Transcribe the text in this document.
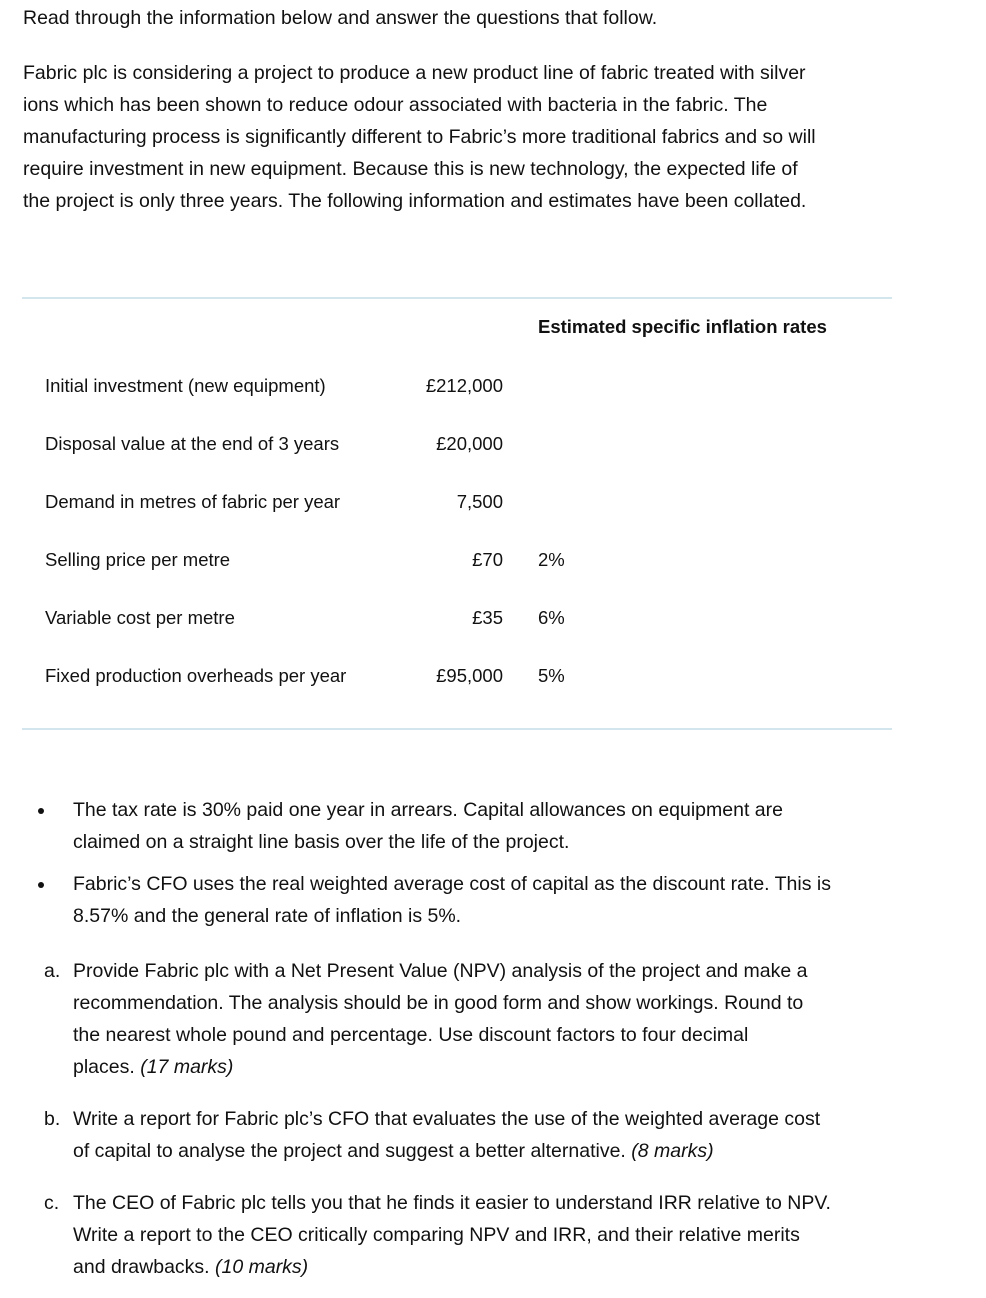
Read through the information below and answer the questions that follow.

Fabric plc is considering a project to produce a new product line of fabric treated with silver
ions which has been shown to reduce odour associated with bacteria in the fabric. The
manufacturing process is significantly different to Fabric’s more traditional fabrics and so will
require investment in new equipment. Because this is new technology, the expected life of
the project is only three years. The following information and estimates have been collated.

Estimated specific inflation rates
Initial investment (new equipment)	£212,000
Disposal value at the end of 3 years	£20,000
Demand in metres of fabric per year	7,500
Selling price per metre	£70 2%
Variable cost per metre	£35 6%
Fixed production overheads per year	£95,000 5%
The tax rate is 30% paid one year in arrears. Capital allowances on equipment are
claimed on a straight line basis over the life of the project.
Fabric’s CFO uses the real weighted average cost of capital as the discount rate. This is
8.57% and the general rate of inflation is 5%.
a. Provide Fabric plc with a Net Present Value (NPV) analysis of the project and make a
recommendation. The analysis should be in good form and show workings. Round to
the nearest whole pound and percentage. Use discount factors to four decimal
places. (17 marks)
b. Write a report for Fabric plc’s CFO that evaluates the use of the weighted average cost
of capital to analyse the project and suggest a better alternative. (8 marks)
c. The CEO of Fabric plc tells you that he finds it easier to understand IRR relative to NPV.
Write a report to the CEO critically comparing NPV and IRR, and their relative merits
and drawbacks. (10 marks)
